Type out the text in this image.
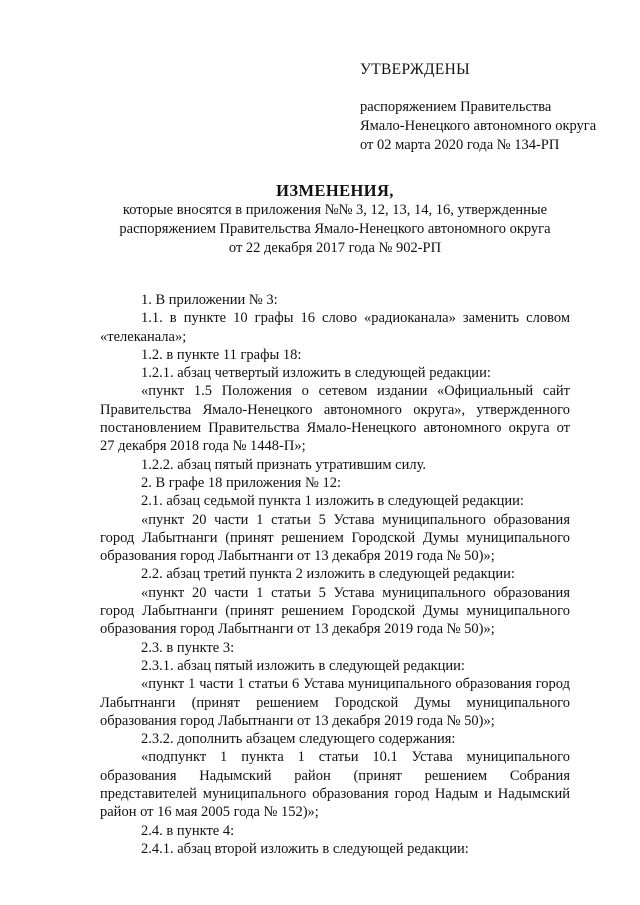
УТВЕРЖДЕНЫ
распоряжением Правительства
Ямало-Ненецкого автономного округа
от 02 марта 2020 года № 134-РП
ИЗМЕНЕНИЯ,
которые вносятся в приложения №№ 3, 12, 13, 14, 16, утвержденные
распоряжением Правительства Ямало-Ненецкого автономного округа
от 22 декабря 2017 года № 902-РП

1. В приложении № 3:

1.1. в пункте 10 графы 16 слово «радиоканала» заменить словом «телеканала»;

1.2. в пункте 11 графы 18:

1.2.1. абзац четвертый изложить в следующей редакции:

«пункт 1.5 Положения о сетевом издании «Официальный сайт Правительства Ямало-Ненецкого автономного округа», утвержденного постановлением Правительства Ямало-Ненецкого автономного округа от 27 декабря 2018 года № 1448-П»;

1.2.2. абзац пятый признать утратившим силу.

2. В графе 18 приложения № 12:

2.1. абзац седьмой пункта 1 изложить в следующей редакции:

«пункт 20 части 1 статьи 5 Устава муниципального образования город Лабытнанги (принят решением Городской Думы муниципального образования город Лабытнанги от 13 декабря 2019 года № 50)»;

2.2. абзац третий пункта 2 изложить в следующей редакции:

«пункт 20 части 1 статьи 5 Устава муниципального образования город Лабытнанги (принят решением Городской Думы муниципального образования город Лабытнанги от 13 декабря 2019 года № 50)»;

2.3. в пункте 3:

2.3.1. абзац пятый изложить в следующей редакции:

«пункт 1 части 1 статьи 6 Устава муниципального образования город Лабытнанги (принят решением Городской Думы муниципального образования город Лабытнанги от 13 декабря 2019 года № 50)»;

2.3.2. дополнить абзацем следующего содержания:

«подпункт 1 пункта 1 статьи 10.1 Устава муниципального образования Надымский район (принят решением Собрания представителей муниципального образования город Надым и Надымский район от 16 мая 2005 года № 152)»;

2.4. в пункте 4:

2.4.1. абзац второй изложить в следующей редакции:
